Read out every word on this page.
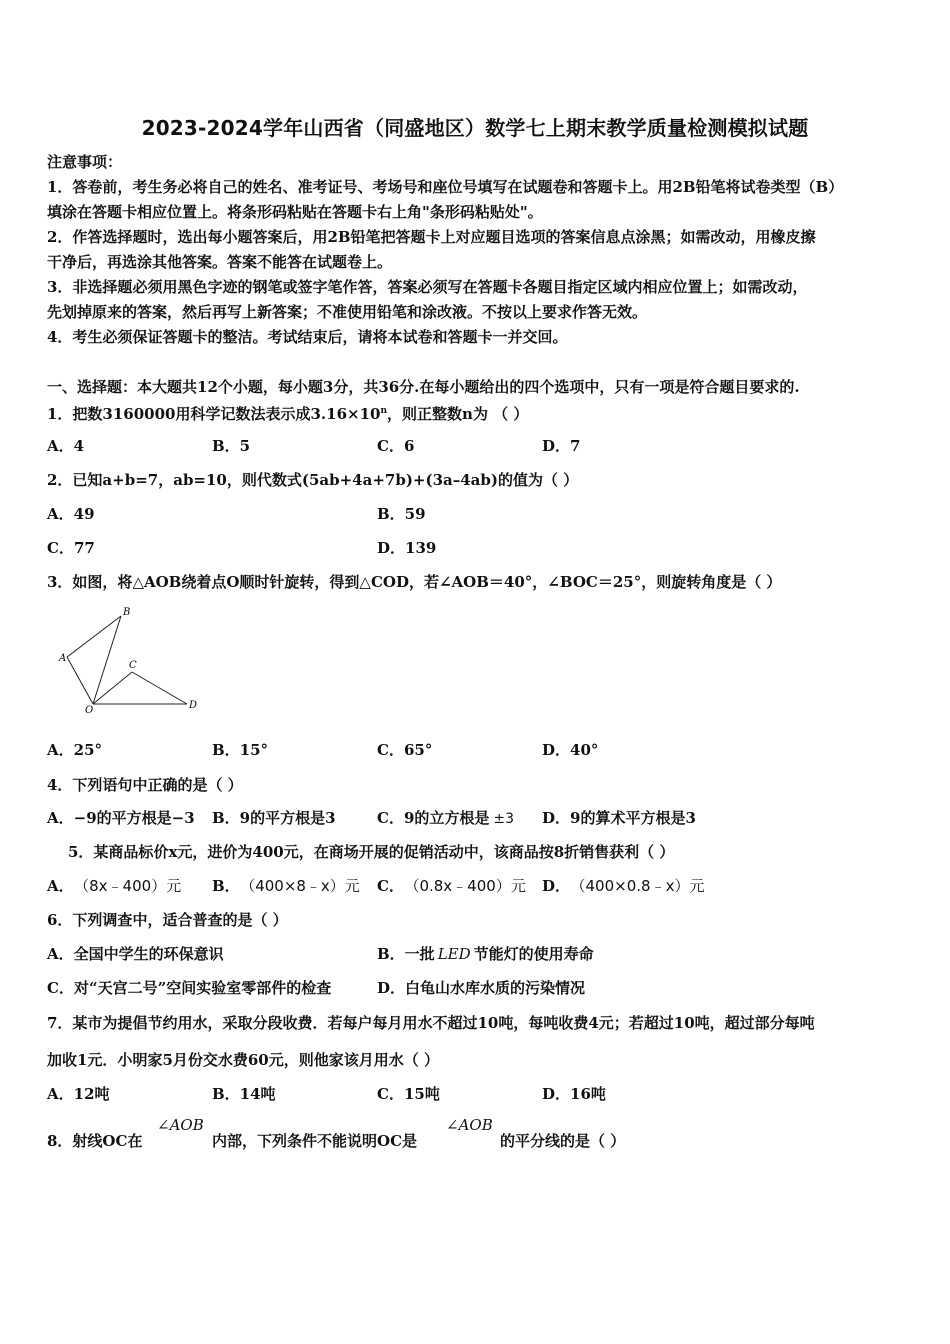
2023-2024学年山西省（同盛地区）数学七上期末教学质量检测模拟试题
注意事项：
1．答卷前，考生务必将自己的姓名、准考证号、考场号和座位号填写在试题卷和答题卡上。用2B铅笔将试卷类型（B）
填涂在答题卡相应位置上。将条形码粘贴在答题卡右上角"条形码粘贴处"。
2．作答选择题时，选出每小题答案后，用2B铅笔把答题卡上对应题目选项的答案信息点涂黑；如需改动，用橡皮擦
干净后，再选涂其他答案。答案不能答在试题卷上。
3．非选择题必须用黑色字迹的钢笔或签字笔作答，答案必须写在答题卡各题目指定区域内相应位置上；如需改动，
先划掉原来的答案，然后再写上新答案；不准使用铅笔和涂改液。不按以上要求作答无效。
4．考生必须保证答题卡的整洁。考试结束后，请将本试卷和答题卡一并交回。
一、选择题：本大题共12个小题，每小题3分，共36分.在每小题给出的四个选项中，只有一项是符合题目要求的.
1．把数3160000用科学记数法表示成$3.16\times 10^n$，则正整数n为 （ ）
A．4	B．5	C．6	D．7
2．已知a+b=7，ab=10，则代数式(5ab+4a+7b)+(3a–4ab)的值为（ ）
A．49	B．59
C．77	D．139
3．如图，将△AOB绕着点O顺时针旋转，得到△COD，若∠AOB＝40°，∠BOC＝25°，则旋转角度是（ ）
A
B
C
D
O
A．25°	B．15°	C．65°	D．40°
4．下列语句中正确的是（ ）
A．−9的平方根是−3 B．9的平方根是3	C．9的立方根是 ±3 D．9的算术平方根是3
5．某商品标价x元，进价为400元，在商场开展的促销活动中，该商品按8折销售获利（ ）
A． （8x﹣400）元 B． （400×8﹣x）元 C． （0.8x﹣400）元 D． （400×0.8﹣x）元
6．下列调查中，适合普查的是（ ）
A．全国中学生的环保意识	B．一批 LED 节能灯的使用寿命
C．对“天宫二号”空间实验室零部件的检查	D．白龟山水库水质的污染情况
7．某市为提倡节约用水，采取分段收费．若每户每月用水不超过10吨，每吨收费4元；若超过10吨，超过部分每吨
加收1元．小明家5月份交水费60元，则他家该月用水（ ）
A．12吨	B．14吨	C．15吨	D．16吨
8．射线OC在
∠AOB
内部，下列条件不能说明OC是
∠AOB
的平分线的是（ ）
